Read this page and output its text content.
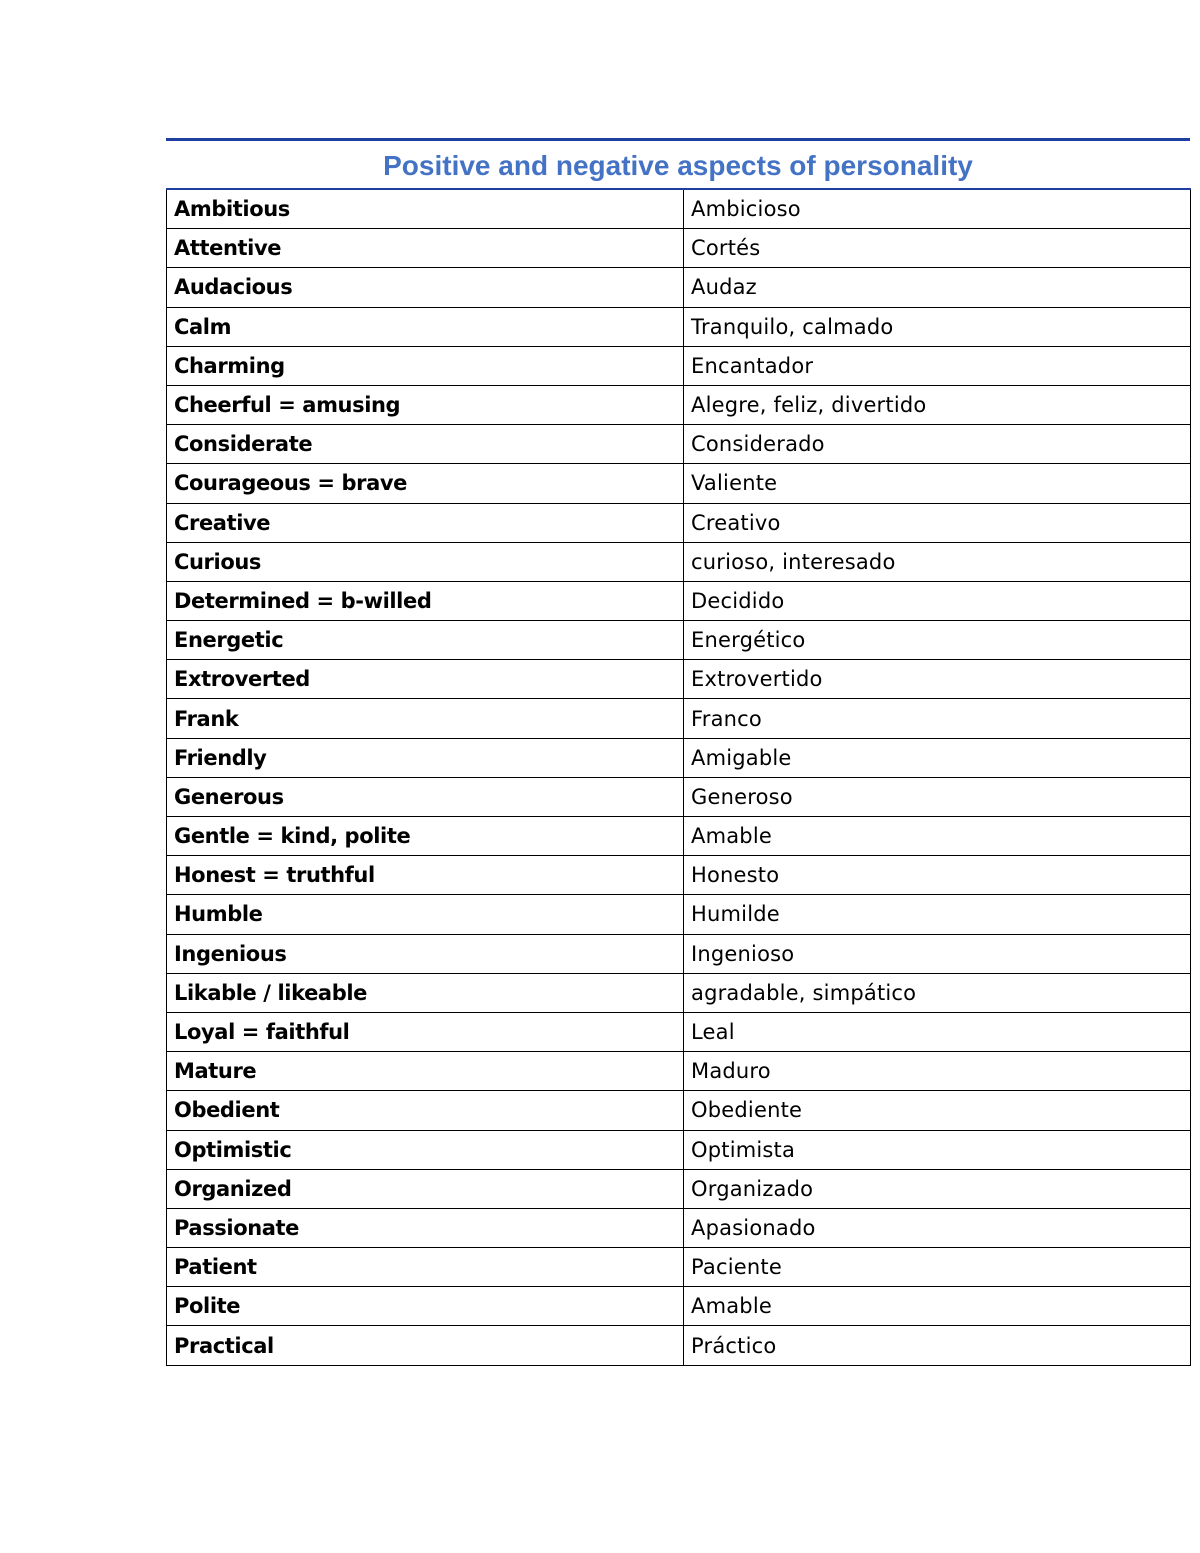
Positive and negative aspects of personality
Ambitious	Ambicioso
Attentive	Cortés
Audacious	Audaz
Calm	Tranquilo, calmado
Charming	Encantador
Cheerful = amusing	Alegre, feliz, divertido
Considerate	Considerado
Courageous = brave	Valiente
Creative	Creativo
Curious	curioso, interesado
Determined = b-willed	Decidido
Energetic	Energético
Extroverted	Extrovertido
Frank	Franco
Friendly	Amigable
Generous	Generoso
Gentle = kind, polite	Amable
Honest = truthful	Honesto
Humble	Humilde
Ingenious	Ingenioso
Likable / likeable	agradable, simpático
Loyal = faithful	Leal
Mature	Maduro
Obedient	Obediente
Optimistic	Optimista
Organized	Organizado
Passionate	Apasionado
Patient	Paciente
Polite	Amable
Practical	Práctico
